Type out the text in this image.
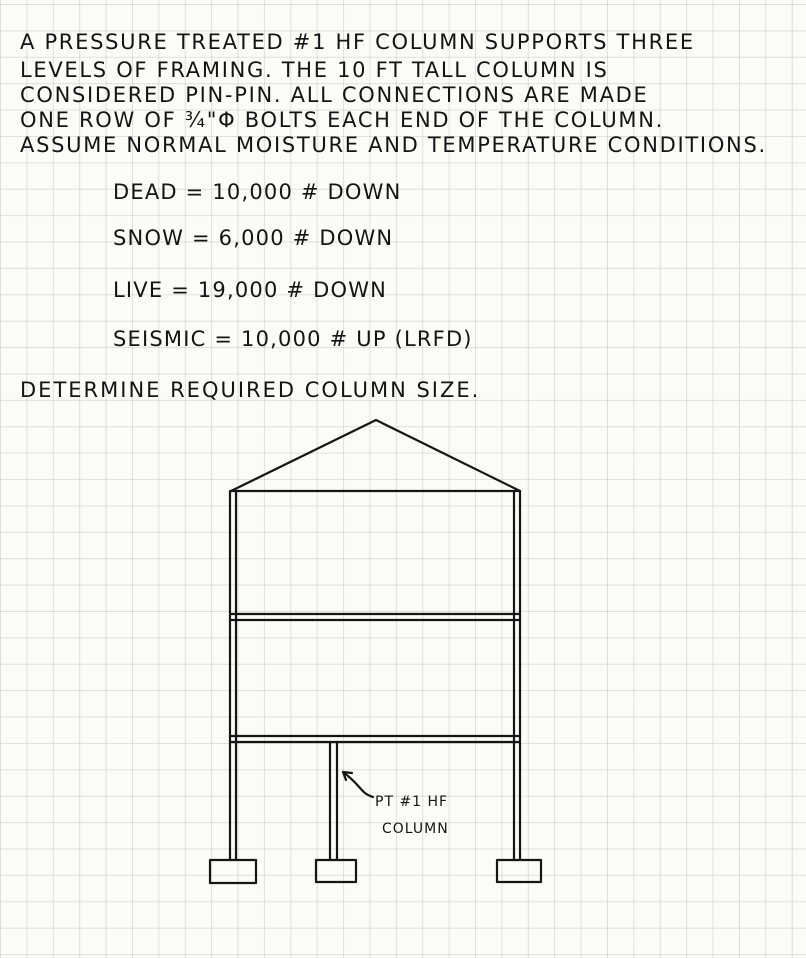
A PRESSURE TREATED #1 HF COLUMN SUPPORTS THREE
LEVELS OF FRAMING. THE 10 FT TALL COLUMN IS
CONSIDERED PIN-PIN. ALL CONNECTIONS ARE MADE
ONE ROW OF ¾"Φ BOLTS EACH END OF THE COLUMN.
ASSUME NORMAL MOISTURE AND TEMPERATURE CONDITIONS.
DEAD = 10,000 # DOWN
SNOW = 6,000 # DOWN
LIVE = 19,000 # DOWN
SEISMIC = 10,000 # UP (LRFD)
DETERMINE REQUIRED COLUMN SIZE.
PT #1 HF
COLUMN
